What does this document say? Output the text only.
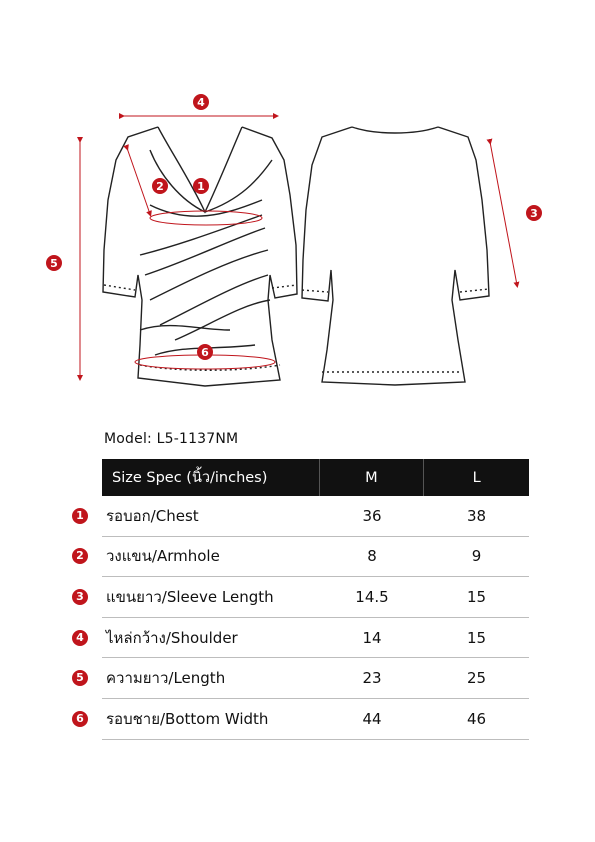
4
5
3
1
2
6
Model: L5-1137NM
Size Spec (นิ้ว/inches)	M	L
1 รอบอก/Chest	36	38
2 วงแขน/Armhole	8	9
3 แขนยาว/Sleeve Length	14.5	15
4 ไหล่กว้าง/Shoulder	14	15
5 ความยาว/Length	23	25
6 รอบชาย/Bottom Width	44	46
